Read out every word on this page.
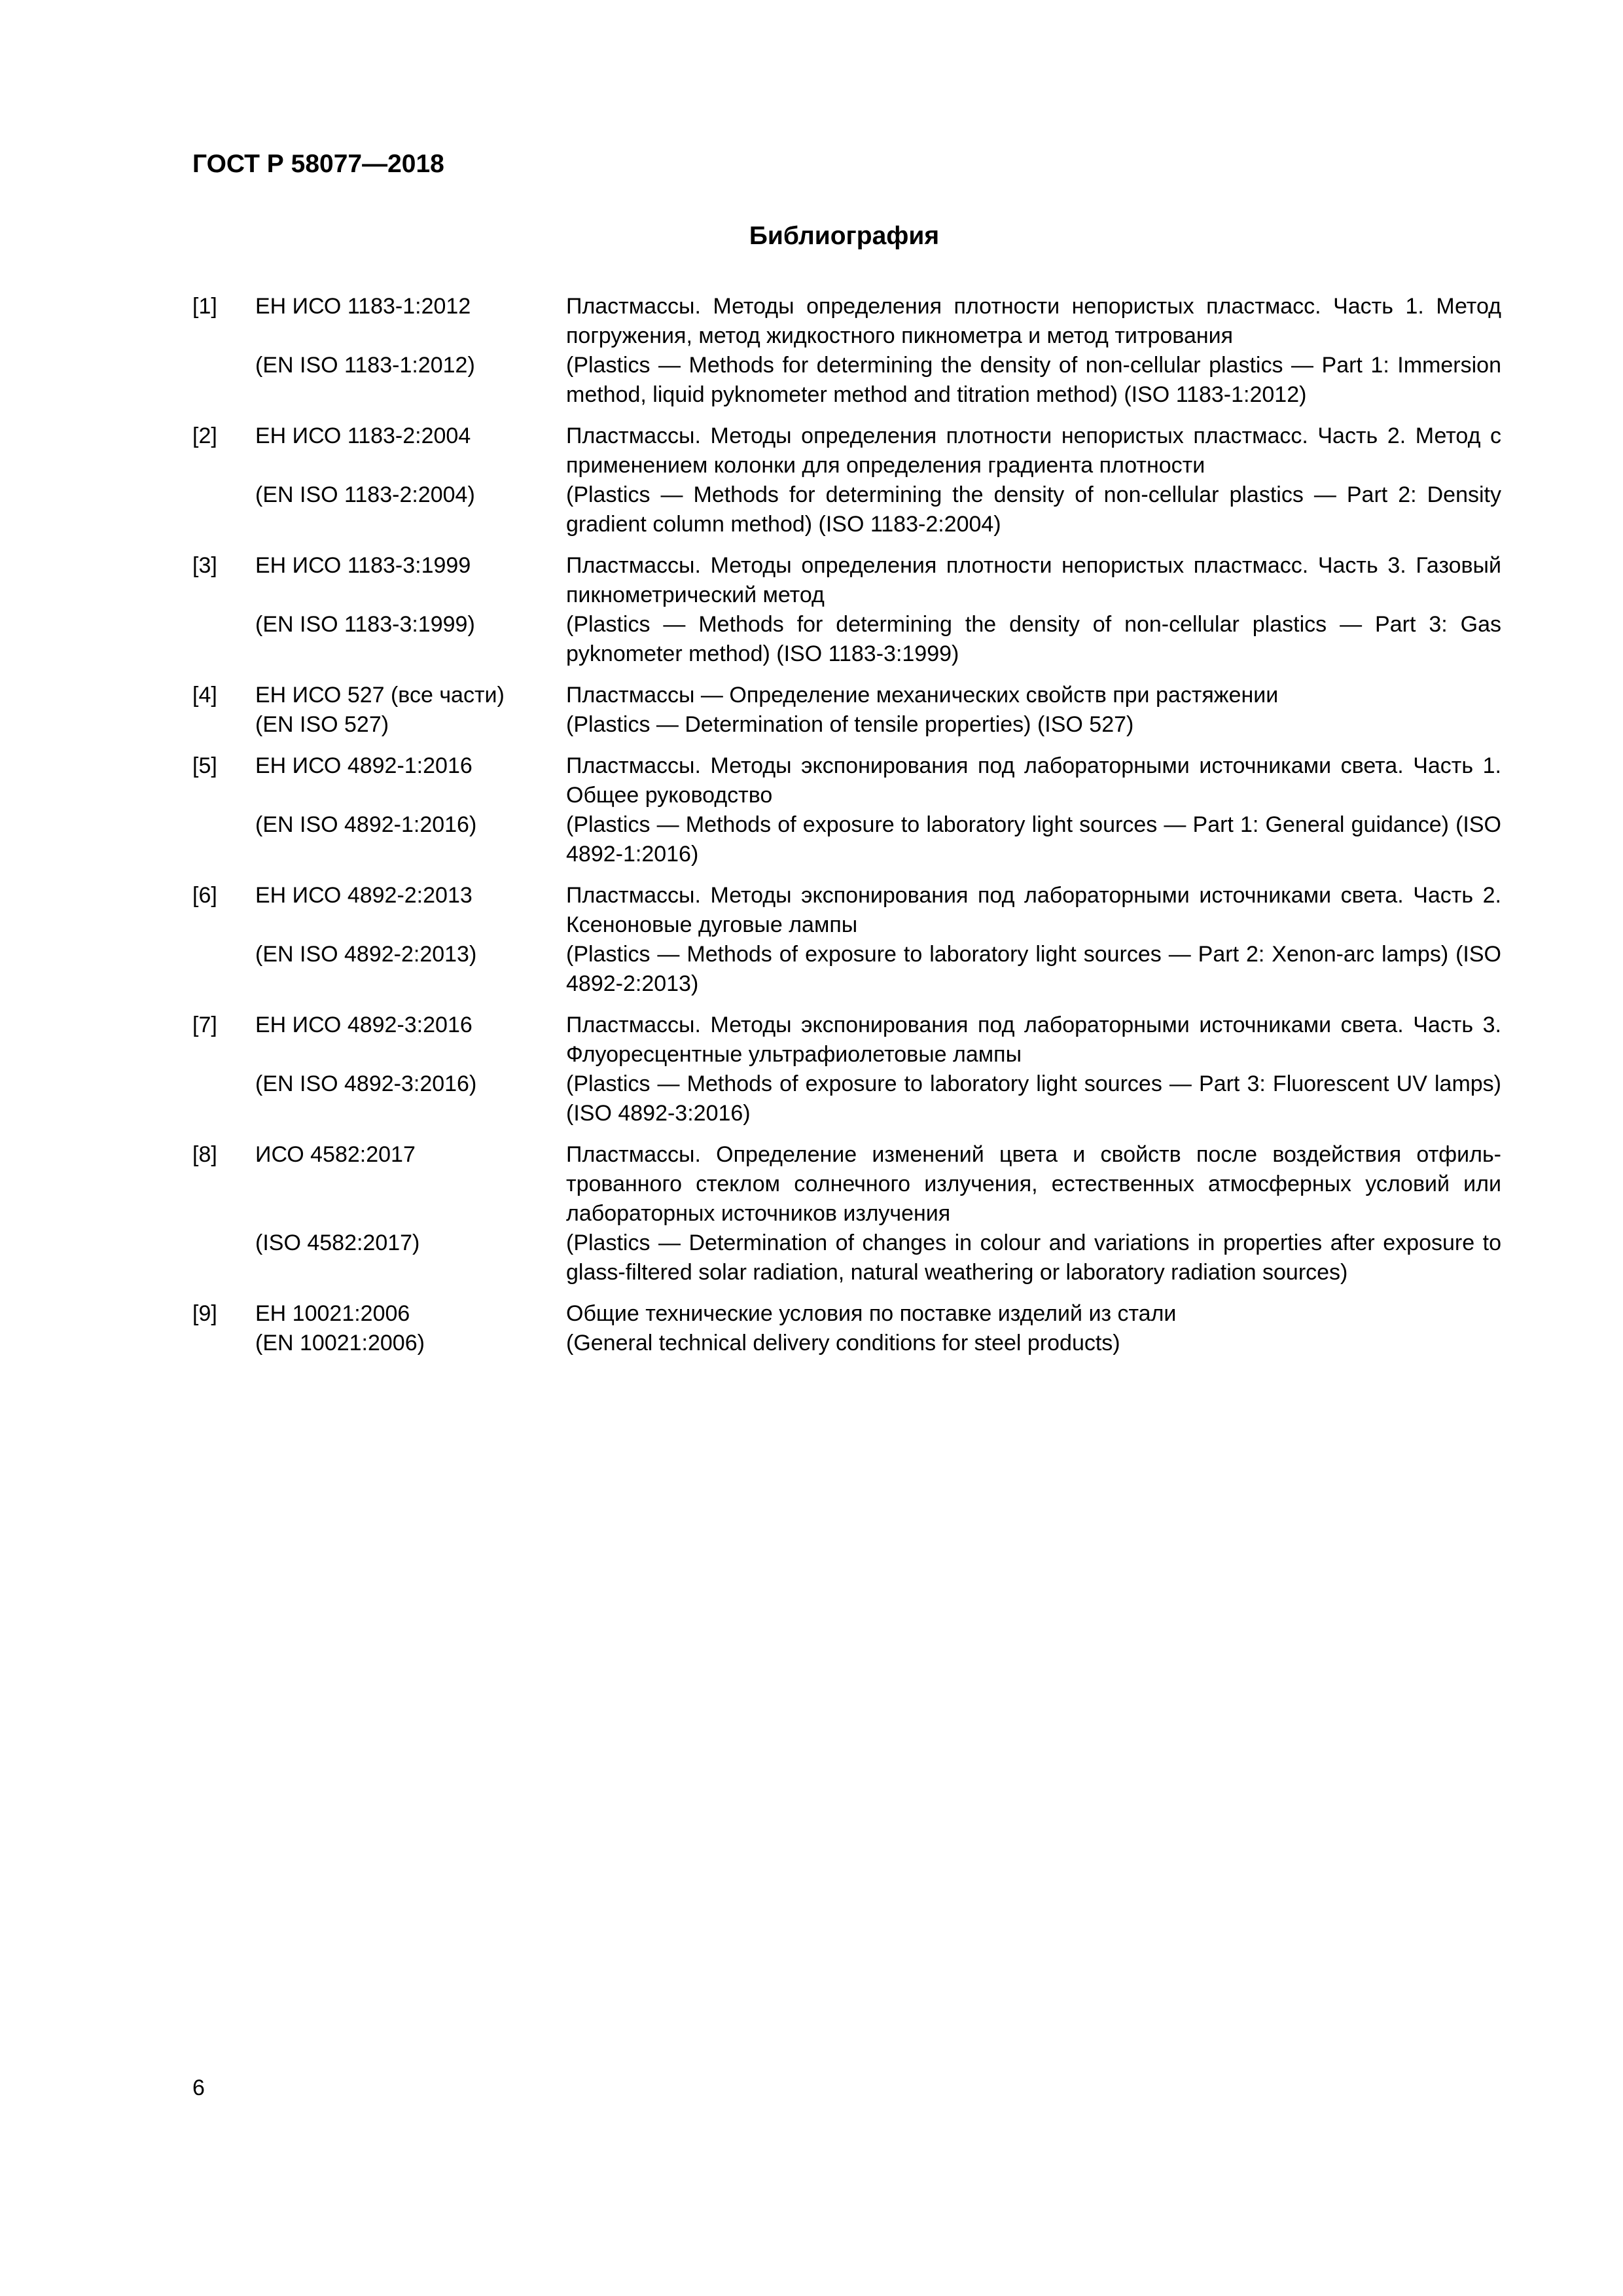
ГОСТ Р 58077—2018
Библиография
[1]	ЕН ИСО 1183-1:2012	Пластмассы. Методы определения плотности непористых пластмасс. Часть 1. Метод погружения, метод жидкостного пикнометра и метод титрования
(EN ISO 1183-1:2012)	(Plastics — Methods for determining the density of non-cellular plastics — Part 1: Immersion method, liquid pyknometer method and titration method) (ISO 1183-1:2012)
[2]	ЕН ИСО 1183-2:2004	Пластмассы. Методы определения плотности непористых пластмасс. Часть 2. Метод с применением колонки для определения градиента плотности
(EN ISO 1183-2:2004)	(Plastics — Methods for determining the density of non-cellular plastics — Part 2: Density gradient column method) (ISO 1183-2:2004)
[3]	ЕН ИСО 1183-3:1999	Пластмассы. Методы определения плотности непористых пластмасс. Часть 3. Газовый пикнометрический метод
(EN ISO 1183-3:1999)	(Plastics — Methods for determining the density of non-cellular plastics — Part 3: Gas pyknometer method) (ISO 1183-3:1999)
[4]	ЕН ИСО 527 (все части)	Пластмассы — Определение механических свойств при растяжении
(EN ISO 527)	(Plastics — Determination of tensile properties) (ISO 527)
[5]	ЕН ИСО 4892-1:2016	Пластмассы. Методы экспонирования под лабораторными источниками света. Часть 1. Общее руководство
(EN ISO 4892-1:2016)	(Plastics — Methods of exposure to laboratory light sources — Part 1: General guidance) (ISO 4892-1:2016)
[6]	ЕН ИСО 4892-2:2013	Пластмассы. Методы экспонирования под лабораторными источниками света. Часть 2. Ксеноновые дуговые лампы
(EN ISO 4892-2:2013)	(Plastics — Methods of exposure to laboratory light sources — Part 2: Xenon-arc lamps) (ISO 4892-2:2013)
[7]	ЕН ИСО 4892-3:2016	Пластмассы. Методы экспонирования под лабораторными источниками света. Часть 3. Флуоресцентные ультрафиолетовые лампы
(EN ISO 4892-3:2016)	(Plastics — Methods of exposure to laboratory light sources — Part 3: Fluorescent UV lamps) (ISO 4892-3:2016)
[8]	ИСО 4582:2017	Пластмассы. Определение изменений цвета и свойств после воздействия отфильтрованного стеклом солнечного излучения, естественных атмосферных условий или лабораторных источников излучения
(ISO 4582:2017)	(Plastics — Determination of changes in colour and variations in properties after exposure to glass-filtered solar radiation, natural weathering or laboratory radiation sources)
[9]	ЕН 10021:2006	Общие технические условия по поставке изделий из стали
(EN 10021:2006)	(General technical delivery conditions for steel products)
6
